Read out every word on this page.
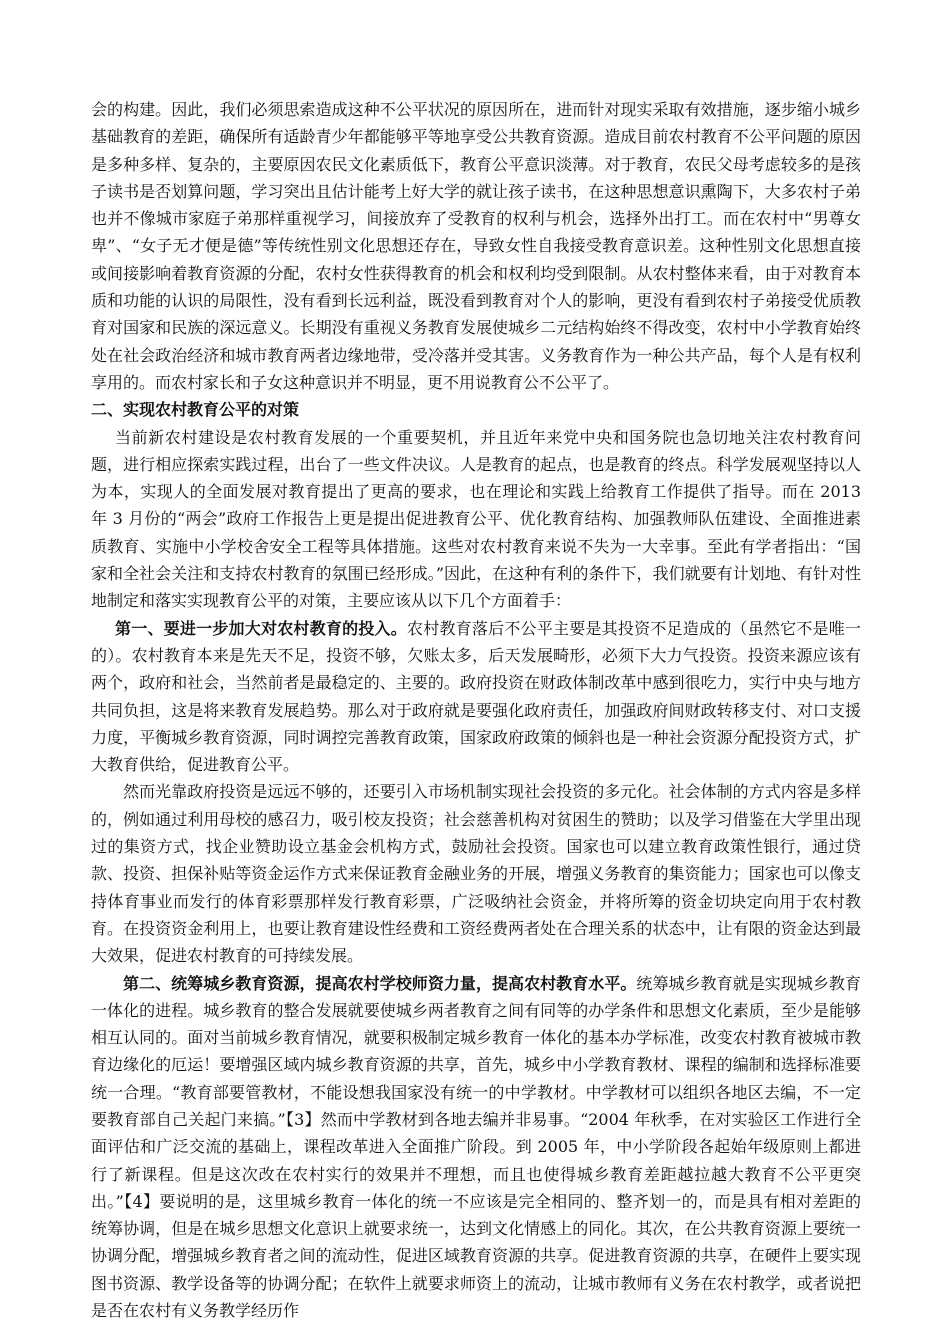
会的构建。因此，我们必须思索造成这种不公平状况的原因所在，进而针对现实采取有效措施，逐步缩小城乡基础教育的差距，确保所有适龄青少年都能够平等地享受公共教育资源。造成目前农村教育不公平问题的原因是多种多样、复杂的，主要原因农民文化素质低下，教育公平意识淡薄。对于教育，农民父母考虑较多的是孩子读书是否划算问题，学习突出且估计能考上好大学的就让孩子读书，在这种思想意识熏陶下，大多农村子弟也并不像城市家庭子弟那样重视学习，间接放弃了受教育的权利与机会，选择外出打工。而在农村中“男尊女卑”、“女子无才便是德”等传统性别文化思想还存在，导致女性自我接受教育意识差。这种性别文化思想直接或间接影响着教育资源的分配，农村女性获得教育的机会和权利均受到限制。从农村整体来看，由于对教育本质和功能的认识的局限性，没有看到长远利益，既没看到教育对个人的影响，更没有看到农村子弟接受优质教育对国家和民族的深远意义。长期没有重视义务教育发展使城乡二元结构始终不得改变，农村中小学教育始终处在社会政治经济和城市教育两者边缘地带，受冷落并受其害。义务教育作为一种公共产品，每个人是有权利享用的。而农村家长和子女这种意识并不明显，更不用说教育公不公平了。

二、实现农村教育公平的对策

当前新农村建设是农村教育发展的一个重要契机，并且近年来党中央和国务院也急切地关注农村教育问题，进行相应探索实践过程，出台了一些文件决议。人是教育的起点，也是教育的终点。科学发展观坚持以人为本，实现人的全面发展对教育提出了更高的要求，也在理论和实践上给教育工作提供了指导。而在 2013 年 3 月份的“两会”政府工作报告上更是提出促进教育公平、优化教育结构、加强教师队伍建设、全面推进素质教育、实施中小学校舍安全工程等具体措施。这些对农村教育来说不失为一大幸事。至此有学者指出：“国家和全社会关注和支持农村教育的氛围已经形成。”因此，在这种有利的条件下，我们就要有计划地、有针对性地制定和落实实现教育公平的对策，主要应该从以下几个方面着手：

第一、要进一步加大对农村教育的投入。农村教育落后不公平主要是其投资不足造成的（虽然它不是唯一的）。农村教育本来是先天不足，投资不够，欠账太多，后天发展畸形，必须下大力气投资。投资来源应该有两个，政府和社会，当然前者是最稳定的、主要的。政府投资在财政体制改革中感到很吃力，实行中央与地方共同负担，这是将来教育发展趋势。那么对于政府就是要强化政府责任，加强政府间财政转移支付、对口支援力度，平衡城乡教育资源，同时调控完善教育政策，国家政府政策的倾斜也是一种社会资源分配投资方式，扩大教育供给，促进教育公平。

然而光靠政府投资是远远不够的，还要引入市场机制实现社会投资的多元化。社会体制的方式内容是多样的，例如通过利用母校的感召力，吸引校友投资；社会慈善机构对贫困生的赞助；以及学习借鉴在大学里出现过的集资方式，找企业赞助设立基金会机构方式，鼓励社会投资。国家也可以建立教育政策性银行，通过贷款、投资、担保补贴等资金运作方式来保证教育金融业务的开展，增强义务教育的集资能力；国家也可以像支持体育事业而发行的体育彩票那样发行教育彩票，广泛吸纳社会资金，并将所筹的资金切块定向用于农村教育。在投资资金利用上，也要让教育建设性经费和工资经费两者处在合理关系的状态中，让有限的资金达到最大效果，促进农村教育的可持续发展。

第二、统筹城乡教育资源，提高农村学校师资力量，提高农村教育水平。统筹城乡教育就是实现城乡教育一体化的进程。城乡教育的整合发展就要使城乡两者教育之间有同等的办学条件和思想文化素质，至少是能够相互认同的。面对当前城乡教育情况，就要积极制定城乡教育一体化的基本办学标准，改变农村教育被城市教育边缘化的厄运！要增强区域内城乡教育资源的共享，首先，城乡中小学教育教材、课程的编制和选择标准要统一合理。“教育部要管教材，不能设想我国家没有统一的中学教材。中学教材可以组织各地区去编，不一定要教育部自己关起门来搞。”【3】然而中学教材到各地去编并非易事。“2004 年秋季，在对实验区工作进行全面评估和广泛交流的基础上，课程改革进入全面推广阶段。到 2005 年，中小学阶段各起始年级原则上都进行了新课程。但是这次改在农村实行的效果并不理想，而且也使得城乡教育差距越拉越大教育不公平更突出。”【4】要说明的是，这里城乡教育一体化的统一不应该是完全相同的、整齐划一的，而是具有相对差距的统筹协调，但是在城乡思想文化意识上就要求统一，达到文化情感上的同化。其次，在公共教育资源上要统一协调分配，增强城乡教育者之间的流动性，促进区域教育资源的共享。促进教育资源的共享，在硬件上要实现图书资源、教学设备等的协调分配；在软件上就要求师资上的流动，让城市教师有义务在农村教学，或者说把是否在农村有义务教学经历作
